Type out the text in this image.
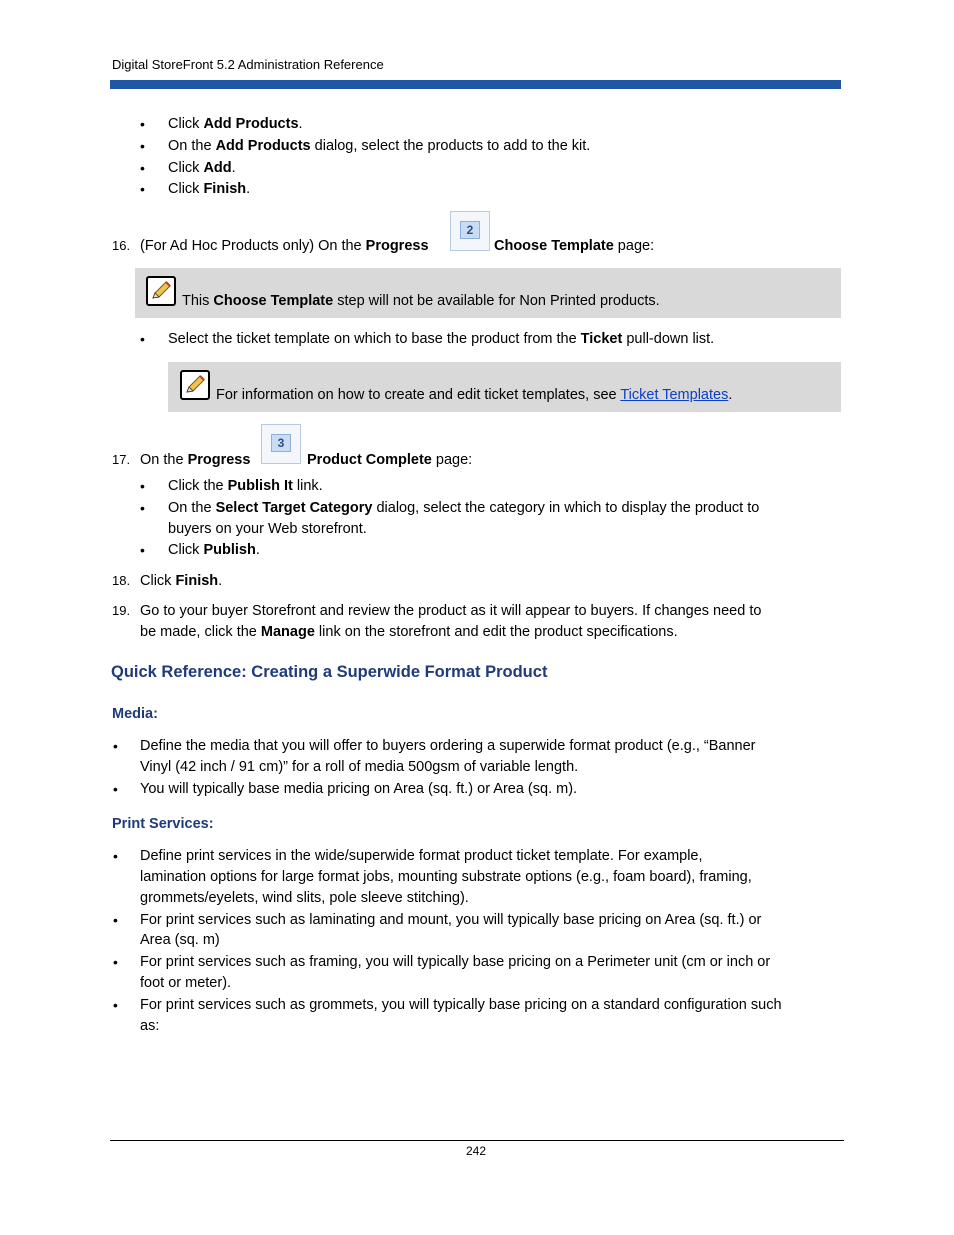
Digital StoreFront 5.2 Administration Reference
• Click Add Products.
• On the Add Products dialog, select the products to add to the kit.
• Click Add.
• Click Finish.
16. (For Ad Hoc Products only) On the Progress
2
Choose Template page:
This Choose Template step will not be available for Non Printed products.
• Select the ticket template on which to base the product from the Ticket pull-down list.
For information on how to create and edit ticket templates, see Ticket Templates.
17. On the Progress
3
Product Complete page:
• Click the Publish It link.
• On the Select Target Category dialog, select the category in which to display the product to
buyers on your Web storefront.
• Click Publish.
18. Click Finish.
19. Go to your buyer Storefront and review the product as it will appear to buyers. If changes need to
be made, click the Manage link on the storefront and edit the product specifications.
Quick Reference: Creating a Superwide Format Product
Media:
• Define the media that you will offer to buyers ordering a superwide format product (e.g., “Banner
Vinyl (42 inch / 91 cm)” for a roll of media 500gsm of variable length.
• You will typically base media pricing on Area (sq. ft.) or Area (sq. m).
Print Services:
• Define print services in the wide/superwide format product ticket template. For example,
lamination options for large format jobs, mounting substrate options (e.g., foam board), framing,
grommets/eyelets, wind slits, pole sleeve stitching).
• For print services such as laminating and mount, you will typically base pricing on Area (sq. ft.) or
Area (sq. m)
• For print services such as framing, you will typically base pricing on a Perimeter unit (cm or inch or
foot or meter).
• For print services such as grommets, you will typically base pricing on a standard configuration such
as:
242
